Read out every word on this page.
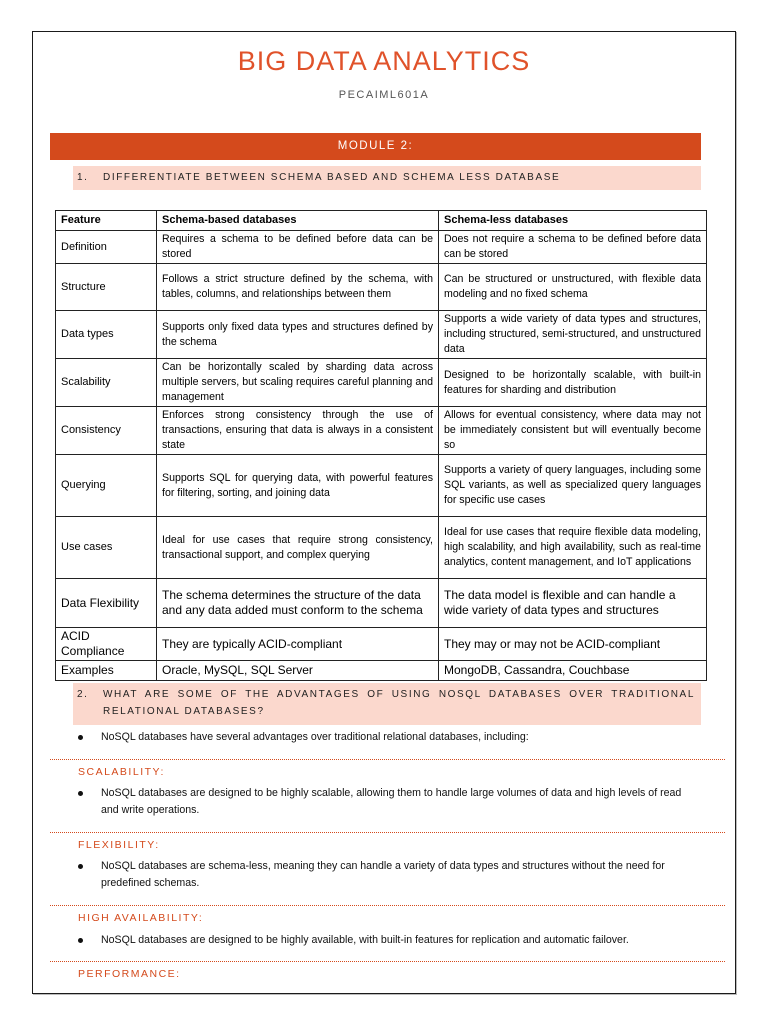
BIG DATA ANALYTICS
PECAIML601A
MODULE 2:
1. DIFFERENTIATE BETWEEN SCHEMA BASED AND SCHEMA LESS DATABASE
Feature	Schema-based databases	Schema-less databases
Definition	Requires a schema to be defined before data can be stored	Does not require a schema to be defined before data can be stored
Structure	Follows a strict structure defined by the schema, with tables, columns, and relationships between them	Can be structured or unstructured, with flexible data modeling and no fixed schema
Data types	Supports only fixed data types and structures defined by the schema	Supports a wide variety of data types and structures, including structured, semi-structured, and unstructured data
Scalability	Can be horizontally scaled by sharding data across multiple servers, but scaling requires careful planning and management	Designed to be horizontally scalable, with built-in features for sharding and distribution
Consistency	Enforces strong consistency through the use of transactions, ensuring that data is always in a consistent state	Allows for eventual consistency, where data may not be immediately consistent but will eventually become so
Querying	Supports SQL for querying data, with powerful features for filtering, sorting, and joining data	Supports a variety of query languages, including some SQL variants, as well as specialized query languages for specific use cases
Use cases	Ideal for use cases that require strong consistency, transactional support, and complex querying	Ideal for use cases that require flexible data modeling, high scalability, and high availability, such as real-time analytics, content management, and IoT applications
Data Flexibility	The schema determines the structure of the data and any data added must conform to the schema	The data model is flexible and can handle a wide variety of data types and structures
ACID Compliance	They are typically ACID-compliant	They may or may not be ACID-compliant
Examples	Oracle, MySQL, SQL Server	MongoDB, Cassandra, Couchbase
2. WHAT ARE SOME OF THE ADVANTAGES OF USING NOSQL DATABASES OVER TRADITIONAL
RELATIONAL DATABASES?
NoSQL databases have several advantages over traditional relational databases, including:
SCALABILITY:
NoSQL databases are designed to be highly scalable, allowing them to handle large volumes of data and high levels of read and write operations.
FLEXIBILITY:
NoSQL databases are schema-less, meaning they can handle a variety of data types and structures without the need for predefined schemas.
HIGH AVAILABILITY:
NoSQL databases are designed to be highly available, with built-in features for replication and automatic failover.
PERFORMANCE:
